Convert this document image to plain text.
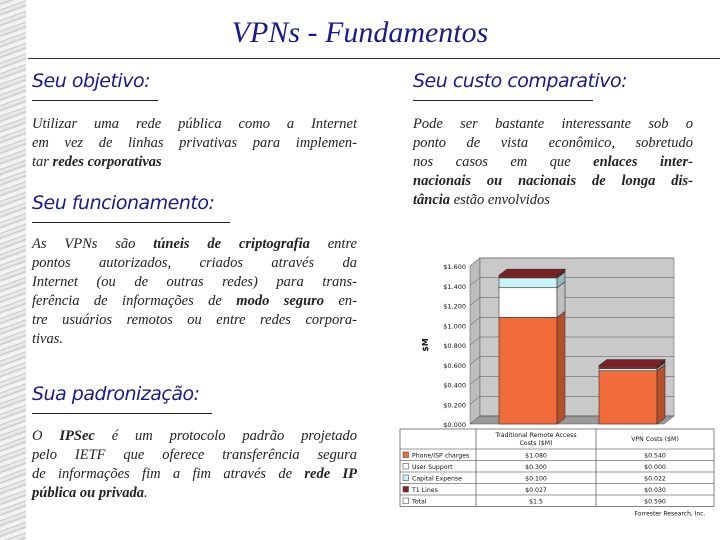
VPNs - Fundamentos
Seu objetivo:
Utilizar uma rede pública como a Internet
em vez de linhas privativas para implemen-
tar redes corporativas
Seu funcionamento:
As VPNs são túneis de criptografia entre
pontos autorizados, criados através da
Internet (ou de outras redes) para trans-
ferência de informações de modo seguro en-
tre usuários remotos ou entre redes corpora-
tivas.
Sua padronização:
O IPSec é um protocolo padrão projetado
pelo IETF que oferece transferência segura
de informações fim a fim através de rede IP
pública ou privada.
Seu custo comparativo:
Pode ser bastante interessante sob o
ponto de vista econômico, sobretudo
nos casos em que enlaces inter-
nacionais ou nacionais de longa dis-
tância estão envolvidos
$0.000
$0.200
$0.400
$0.600
$0.800
$1.000
$1.200
$1.400
$1.600
$M
Traditional Remote Access
Costs ($M)
VPN Costs ($M)
Phone/ISP charges	$1.080	$0.540
User Support	$0.300	$0.000
Capital Expense	$0.100	$0.022
T1 Lines	$0.027	$0.030
Total	$1.5	$0.590
Forrester Research, Inc.
